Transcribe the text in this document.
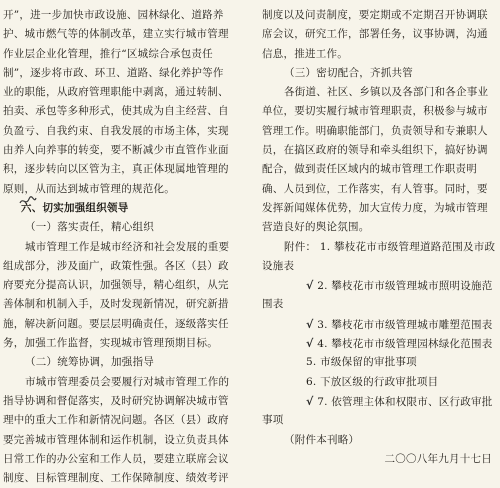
开”，进一步加快市政设施、园林绿化、道路养
护、城市燃气等的体制改革，建立实行城市管理
作业层企业化管理，推行“区城综合承包责任
制”，逐步将市政、环卫、道路、绿化养护等作
业的职能，从政府管理职能中剥离，通过转制、
拍卖、承包等多种形式，使其成为自主经营、自
负盈亏、自我约束、自我发展的市场主体，实现
由养人向养事的转变，要不断减少市直管作业面
积，逐步转向以区管为主，真正体现属地管理的
原则，从而达到城市管理的规范化。
六、切实加强组织领导
（一）落实责任，精心组织
城市管理工作是城市经济和社会发展的重要
组成部分，涉及面广，政策性强。各区（县）政
府要充分提高认识，加强领导，精心组织，从完
善体制和机制入手，及时发现新情况，研究新措
施，解决新问题。要层层明确责任，逐级落实任
务，加强工作监督，实现城市管理预期目标。
（二）统筹协调，加强指导
市城市管理委员会要履行对城市管理工作的
指导协调和督促落实，及时研究协调解决城市管
理中的重大工作和新情况问题。各区（县）政府
要完善城市管理体制和运作机制，设立负责具体
日常工作的办公室和工作人员，要建立联席会议
制度、目标管理制度、工作保障制度、绩效考评
制度以及问责制度，要定期或不定期召开协调联
席会议，研究工作，部署任务，议事协调，沟通
信息，推进工作。
（三）密切配合，齐抓共管
各街道、社区、乡镇以及各部门和各企事业
单位，要切实履行城市管理职责，积极参与城市
管理工作。明确职能部门，负责领导和专兼职人
员，在搞区政府的领导和牵头组织下，搞好协调
配合，做到责任区域内的城市管理工作职责明
确、人员到位，工作落实，有人管事。同时，要
发挥新闻媒体优势，加大宣传力度，为城市管理
营造良好的舆论氛围。
附件： 1. 攀枝花市市级管理道路范围及市政
设施表
√ 2. 攀枝花市市级管理城市照明设施范
围表
√ 3. 攀枝花市市级管理城市雕塑范围表
√ 4. 攀枝花市市级管理园林绿化范围表
5. 市级保留的审批事项
6. 下放区级的行政审批项目
√ 7. 依管理主体和权限市、区行政审批
事项
（附件本刊略）
二〇〇八年九月十七日
